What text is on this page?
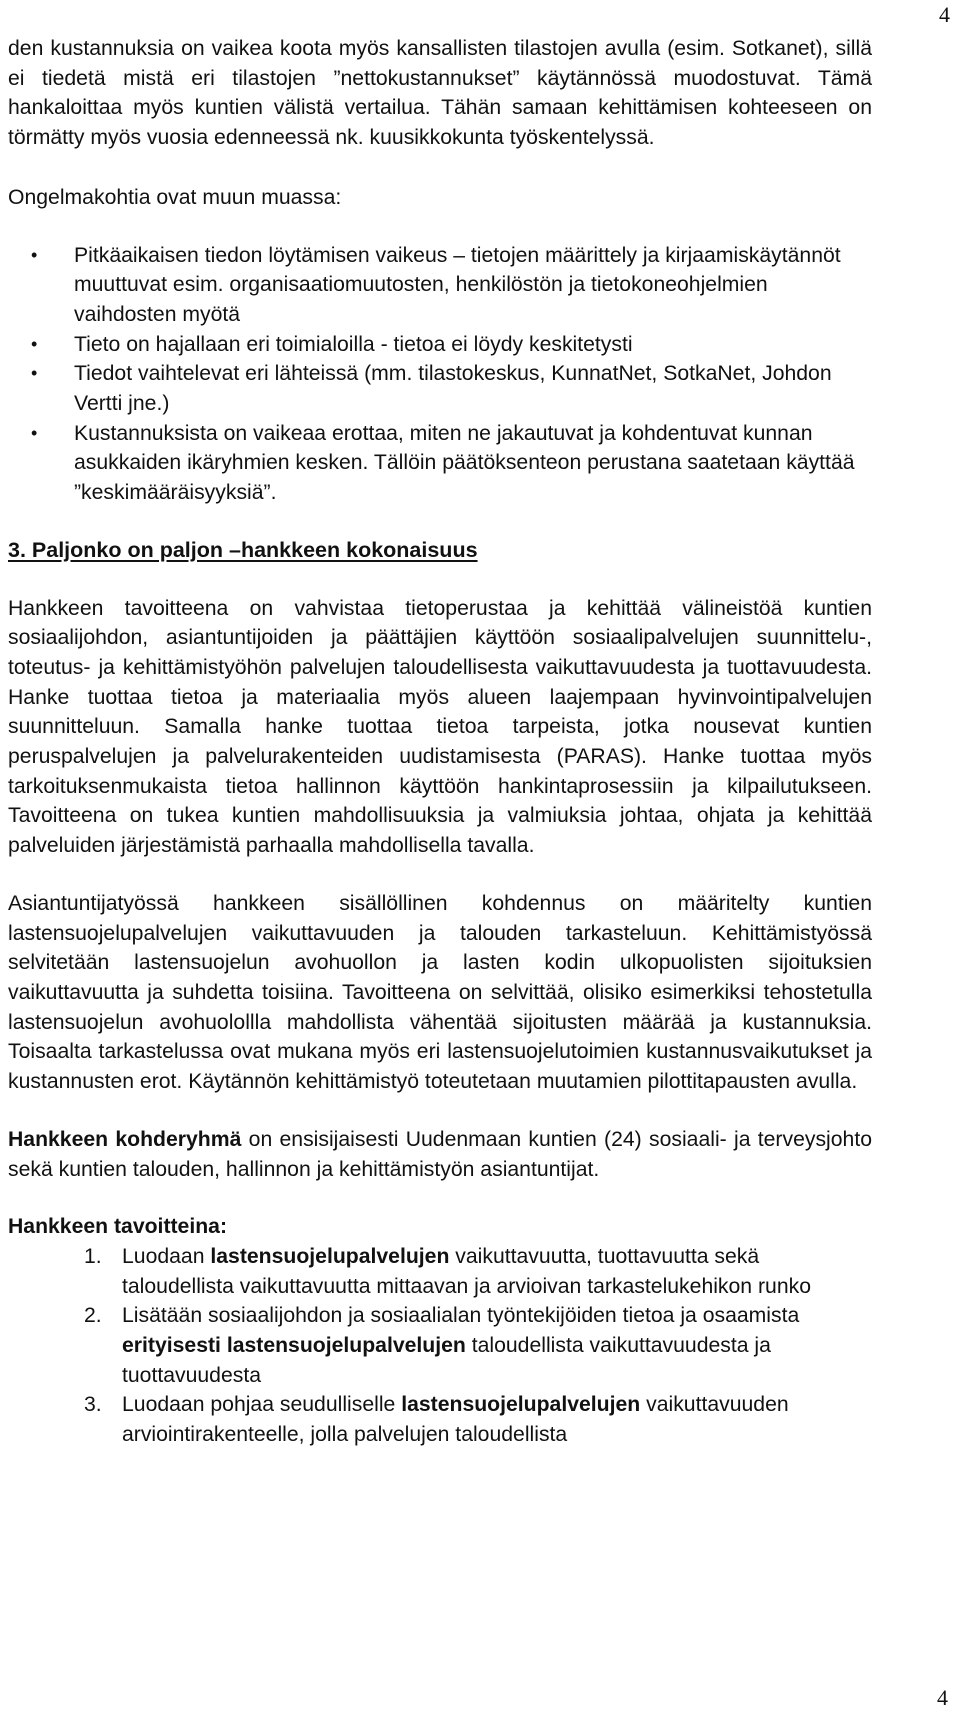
4

den kustannuksia on vaikea koota myös kansallisten tilastojen avulla (esim. Sotkanet), sillä ei tiedetä mistä eri tilastojen ”nettokustannukset” käytännössä muodostuvat. Tämä hankaloittaa myös kuntien välistä vertailua. Tähän samaan kehittämisen kohteeseen on törmätty myös vuosia edenneessä nk. kuusikkokunta työskentelyssä.

Ongelmakohtia ovat muun muassa:

• Pitkäaikaisen tiedon löytämisen vaikeus – tietojen määrittely ja kirjaamiskäytännöt muuttuvat esim. organisaatiomuutosten, henkilöstön ja tietokoneohjelmien vaihdosten myötä
• Tieto on hajallaan eri toimialoilla - tietoa ei löydy keskitetysti
• Tiedot vaihtelevat eri lähteissä (mm. tilastokeskus, KunnatNet, SotkaNet, Johdon Vertti jne.)
• Kustannuksista on vaikeaa erottaa, miten ne jakautuvat ja kohdentuvat kunnan asukkaiden ikäryhmien kesken. Tällöin päätöksenteon perustana saatetaan käyttää ”keskimääräisyyksiä”.
3. Paljonko on paljon –hankkeen kokonaisuus

Hankkeen tavoitteena on vahvistaa tietoperustaa ja kehittää välineistöä kuntien sosiaalijohdon, asiantuntijoiden ja päättäjien käyttöön sosiaalipalvelujen suunnittelu-, toteutus- ja kehittämistyöhön palvelujen taloudellisesta vaikuttavuudesta ja tuottavuudesta. Hanke tuottaa tietoa ja materiaalia myös alueen laajempaan hyvinvointipalvelujen suunnitteluun. Samalla hanke tuottaa tietoa tarpeista, jotka nousevat kuntien peruspalvelujen ja palvelurakenteiden uudistamisesta (PARAS). Hanke tuottaa myös tarkoituksenmukaista tietoa hallinnon käyttöön hankintaprosessiin ja kilpailutukseen. Tavoitteena on tukea kuntien mahdollisuuksia ja valmiuksia johtaa, ohjata ja kehittää palveluiden järjestämistä parhaalla mahdollisella tavalla.

Asiantuntijatyössä hankkeen sisällöllinen kohdennus on määritelty kuntien lastensuojelupalvelujen vaikuttavuuden ja talouden tarkasteluun. Kehittämistyössä selvitetään lastensuojelun avohuollon ja lasten kodin ulkopuolisten sijoituksien vaikuttavuutta ja suhdetta toisiina. Tavoitteena on selvittää, olisiko esimerkiksi tehostetulla lastensuojelun avohuolollla mahdollista vähentää sijoitusten määrää ja kustannuksia. Toisaalta tarkastelussa ovat mukana myös eri lastensuojelutoimien kustannusvaikutukset ja kustannusten erot. Käytännön kehittämistyö toteutetaan muutamien pilottitapausten avulla.

Hankkeen kohderyhmä on ensisijaisesti Uudenmaan kuntien (24) sosiaali- ja terveysjohto sekä kuntien talouden, hallinnon ja kehittämistyön asiantuntijat.

Hankkeen tavoitteina:

1. Luodaan lastensuojelupalvelujen vaikuttavuutta, tuottavuutta sekä taloudellista vaikuttavuutta mittaavan ja arvioivan tarkastelukehikon runko
2. Lisätään sosiaalijohdon ja sosiaalialan työntekijöiden tietoa ja osaamista erityisesti lastensuojelupalvelujen taloudellista vaikuttavuudesta ja tuottavuudesta
3. Luodaan pohjaa seudulliselle lastensuojelupalvelujen vaikuttavuuden arviointirakenteelle, jolla palvelujen taloudellista
4
